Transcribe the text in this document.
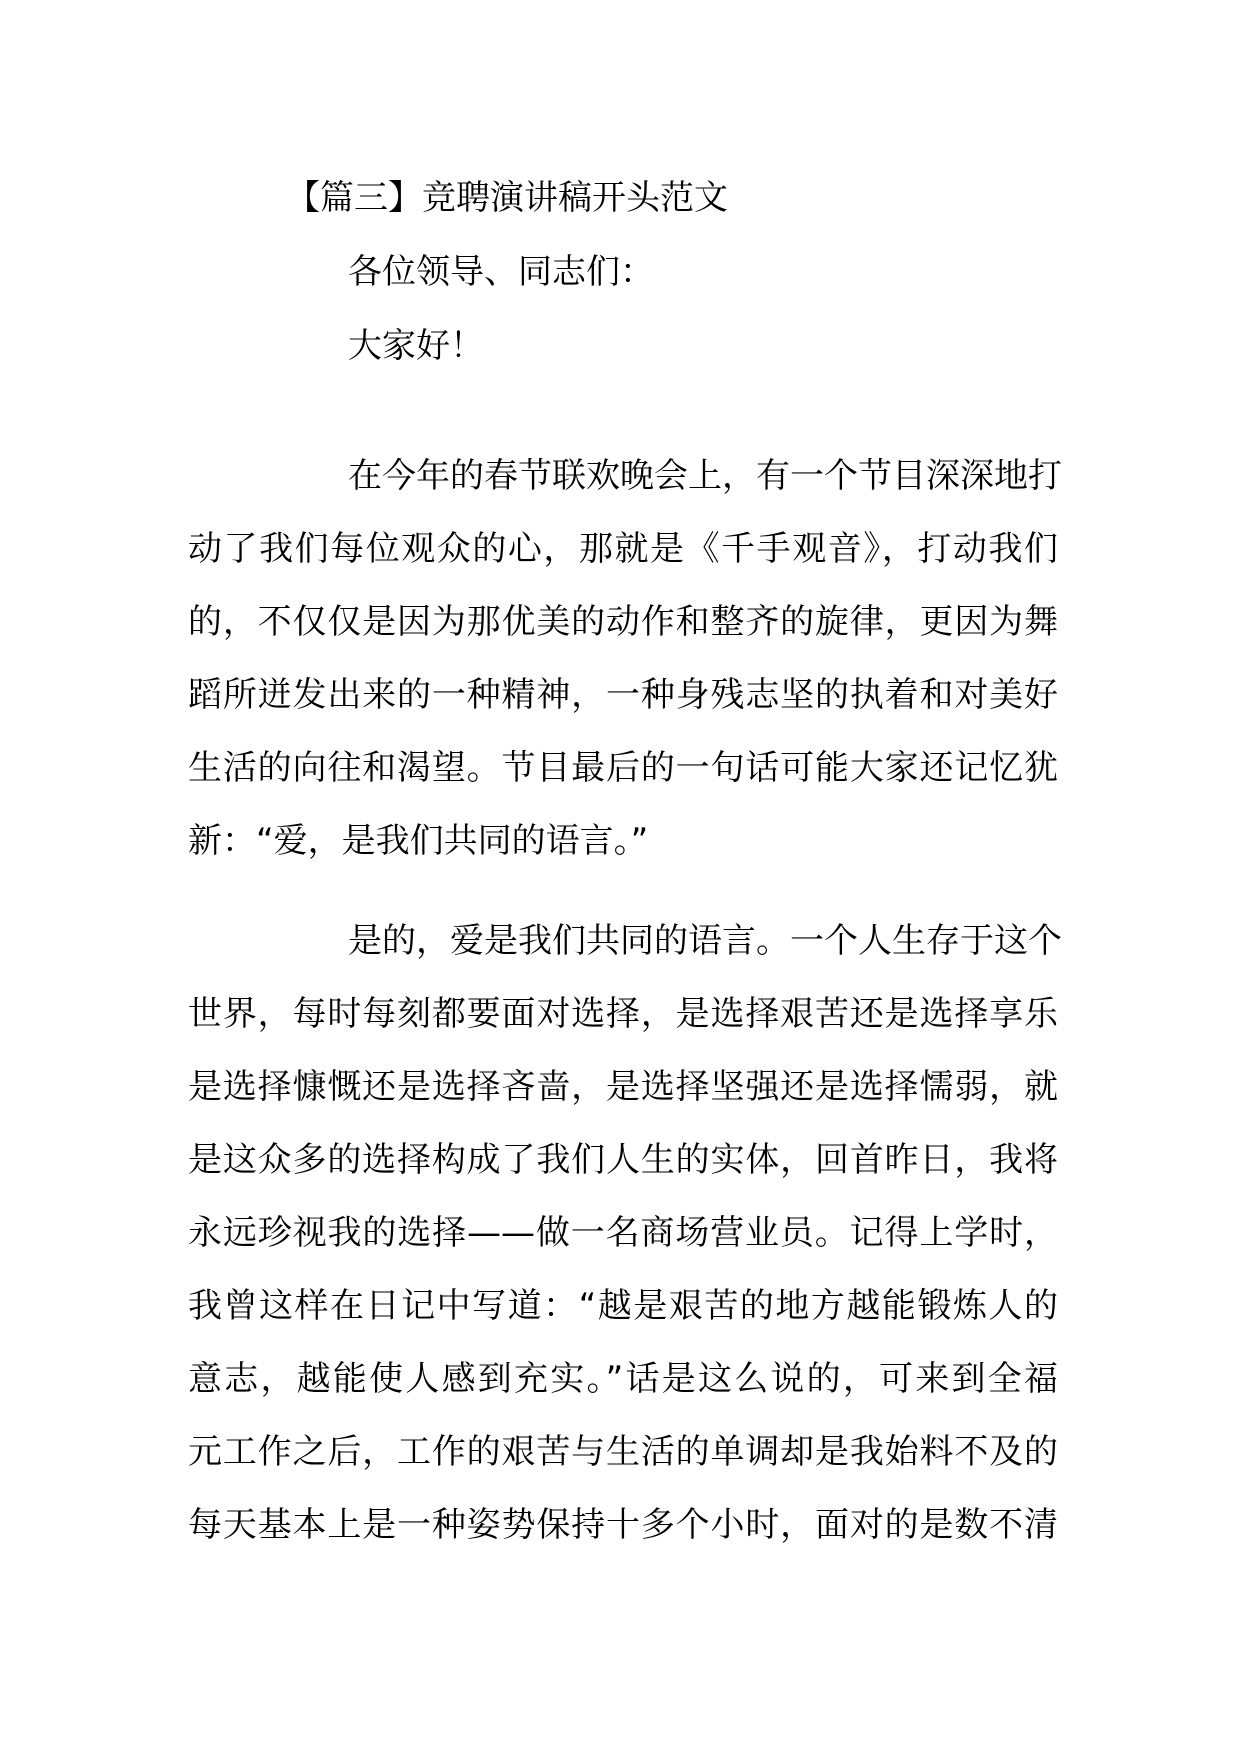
【篇三】竞聘演讲稿开头范文
各位领导、同志们：
大家好！
在今年的春节联欢晚会上，有一个节目深深地打
动了我们每位观众的心，那就是《千手观音》，打动我们
的，不仅仅是因为那优美的动作和整齐的旋律，更因为舞
蹈所迸发出来的一种精神，一种身残志坚的执着和对美好
生活的向往和渴望。节目最后的一句话可能大家还记忆犹
新：“爱，是我们共同的语言。”
是的，爱是我们共同的语言。一个人生存于这个
世界，每时每刻都要面对选择，是选择艰苦还是选择享乐
是选择慷慨还是选择吝啬，是选择坚强还是选择懦弱，就
是这众多的选择构成了我们人生的实体，回首昨日，我将
永远珍视我的选择——做一名商场营业员。记得上学时，
我曾这样在日记中写道：“越是艰苦的地方越能锻炼人的
意志，越能使人感到充实。”话是这么说的，可来到全福
元工作之后，工作的艰苦与生活的单调却是我始料不及的
每天基本上是一种姿势保持十多个小时，面对的是数不清
